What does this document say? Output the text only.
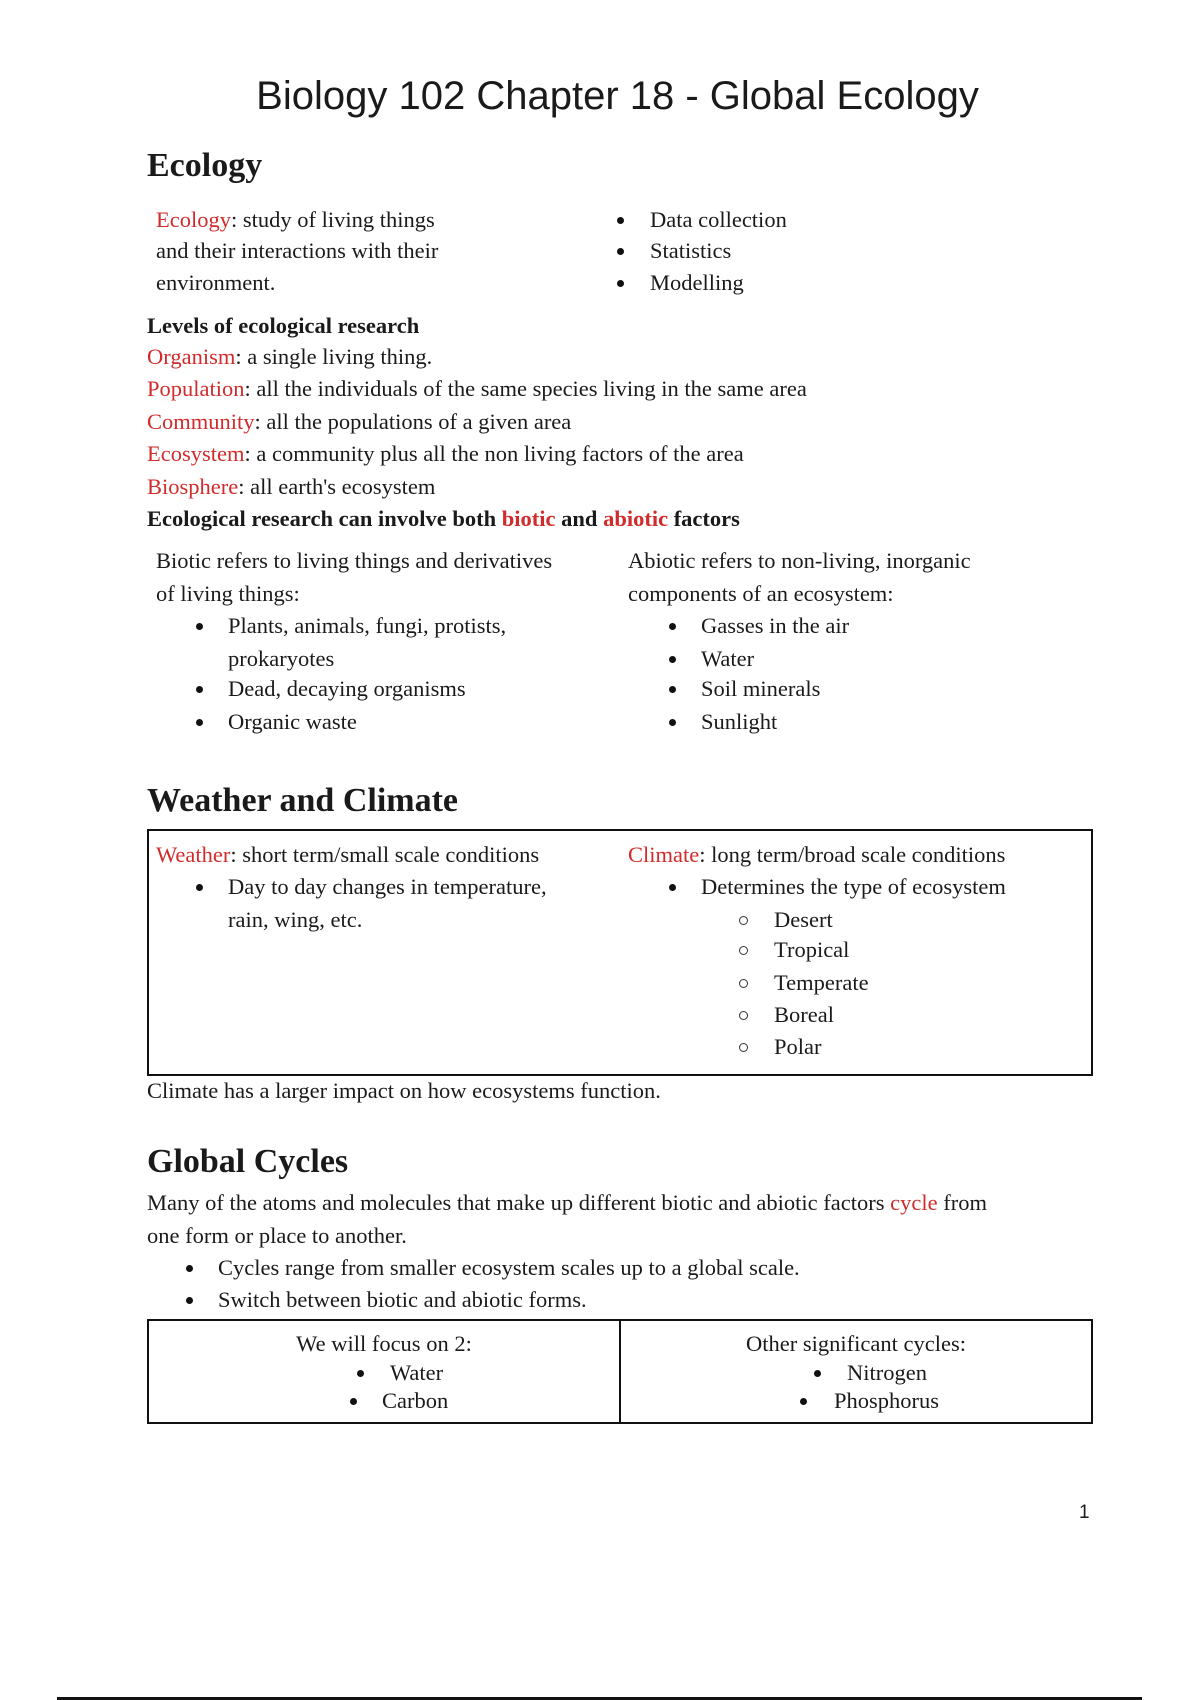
Biology 102 Chapter 18 - Global Ecology
Ecology
Ecology: study of living things
and their interactions with their
environment.
Data collection
Statistics
Modelling
Levels of ecological research
Organism: a single living thing.
Population: all the individuals of the same species living in the same area
Community: all the populations of a given area
Ecosystem: a community plus all the non living factors of the area
Biosphere: all earth's ecosystem
Ecological research can involve both biotic and abiotic factors
Biotic refers to living things and derivatives
of living things:
Plants, animals, fungi, protists,
prokaryotes
Dead, decaying organisms
Organic waste
Abiotic refers to non-living, inorganic
components of an ecosystem:
Gasses in the air
Water
Soil minerals
Sunlight
Weather and Climate
Weather: short term/small scale conditions
Day to day changes in temperature,
rain, wing, etc.
Climate: long term/broad scale conditions
Determines the type of ecosystem
Desert
Tropical
Temperate
Boreal
Polar
Climate has a larger impact on how ecosystems function.
Global Cycles
Many of the atoms and molecules that make up different biotic and abiotic factors cycle from
one form or place to another.
Cycles range from smaller ecosystem scales up to a global scale.
Switch between biotic and abiotic forms.
We will focus on 2:
Water
Carbon
Other significant cycles:
Nitrogen
Phosphorus
1
